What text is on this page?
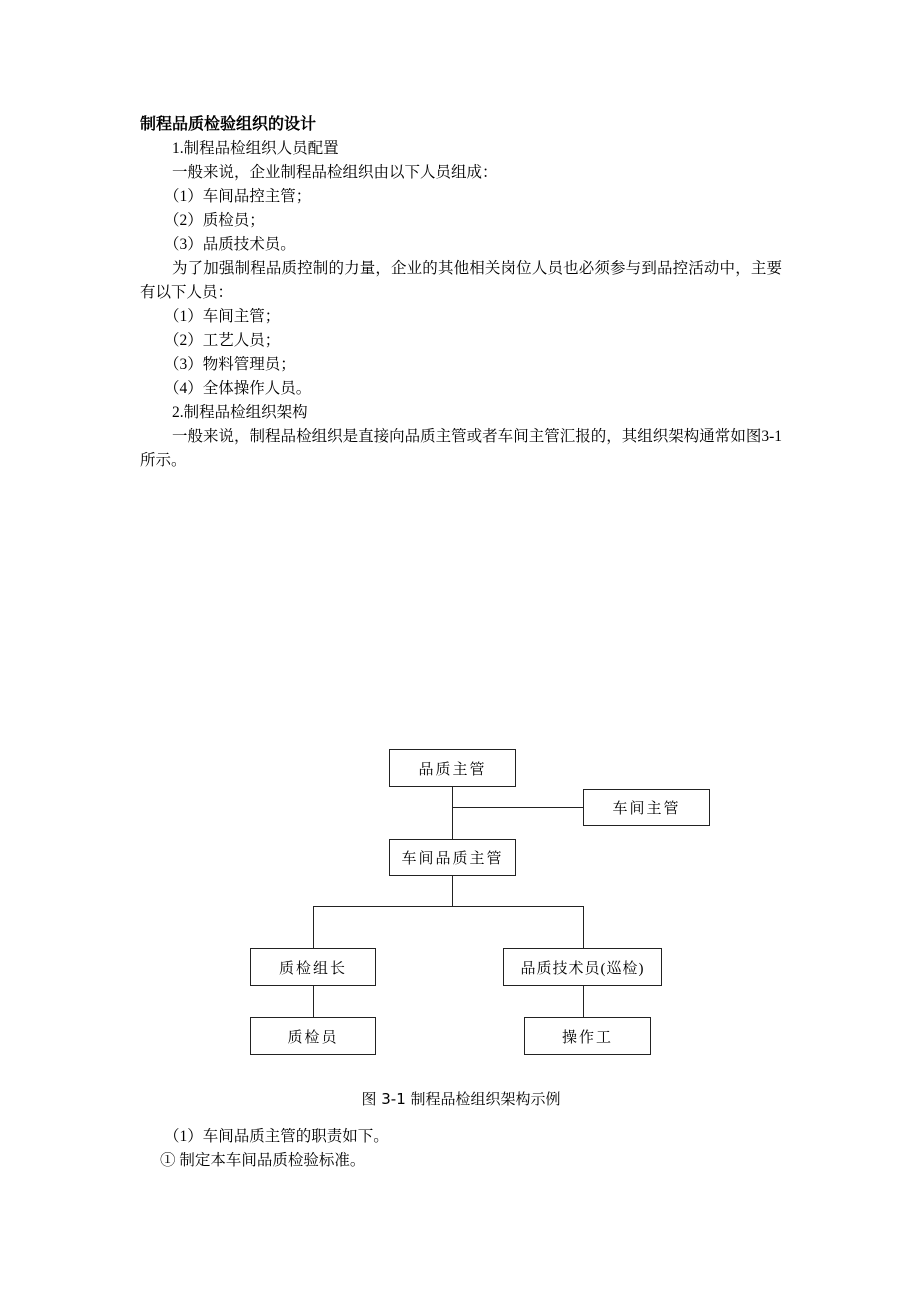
制程品质检验组织的设计
1.制程品检组织人员配置
一般来说，企业制程品检组织由以下人员组成：
（1）车间品控主管；
（2）质检员；
（3）品质技术员。
为了加强制程品质控制的力量，企业的其他相关岗位人员也必须参与到品控活动中，主要有以下人员：
（1）车间主管；
（2）工艺人员；
（3）物料管理员；
（4）全体操作人员。
2.制程品检组织架构
一般来说，制程品检组织是直接向品质主管或者车间主管汇报的，其组织架构通常如图3-1 所示。
品质主管
车间主管
车间品质主管
质检组长	品质技术员(巡检)
质检员	操作工
图 3-1 制程品检组织架构示例
（1）车间品质主管的职责如下。
① 制定本车间品质检验标准。
